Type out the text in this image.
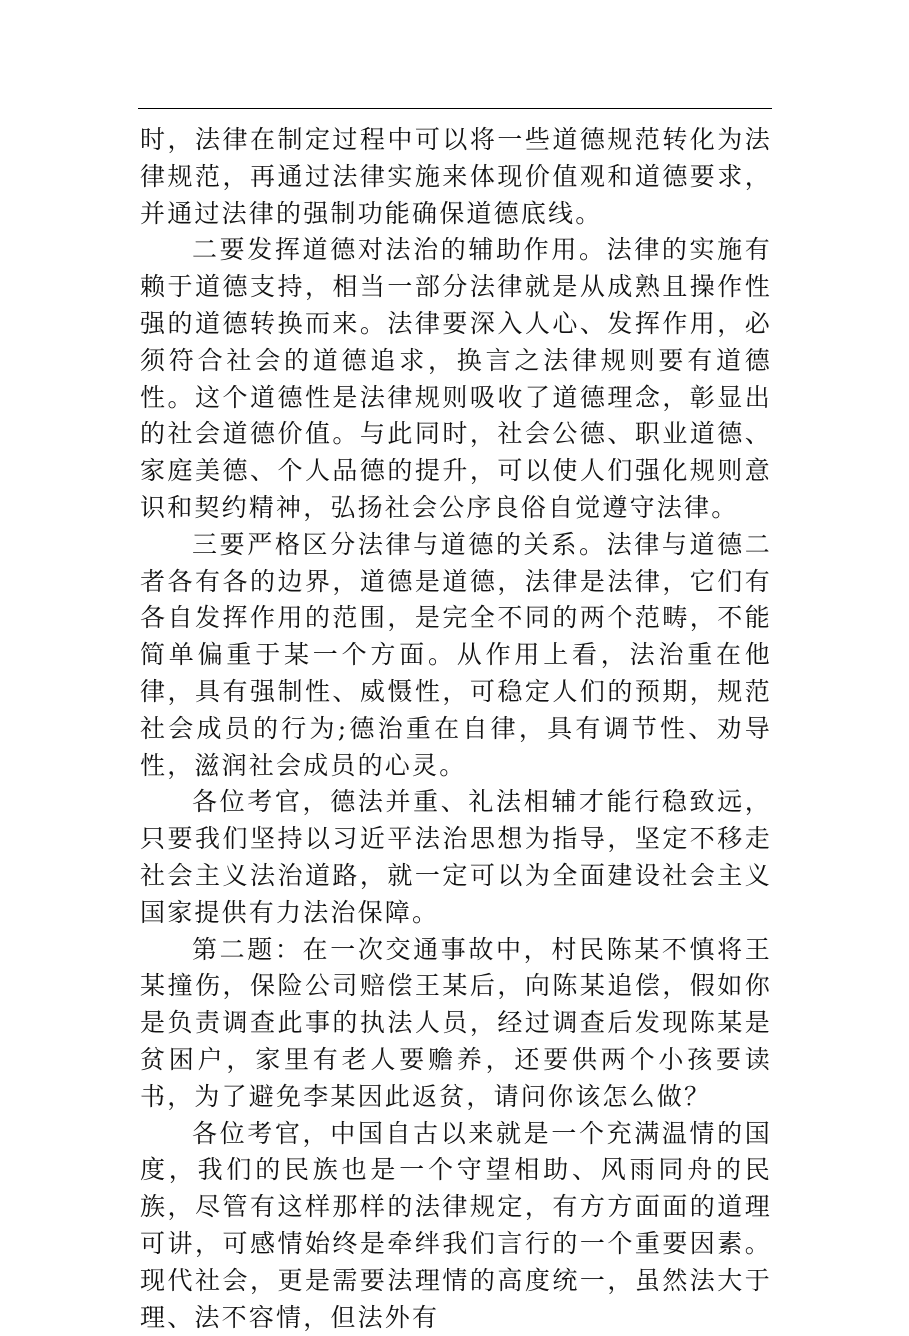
时，法律在制定过程中可以将一些道德规范转化为法律规范，再通过法律实施来体现价值观和道德要求，并通过法律的强制功能确保道德底线。

二要发挥道德对法治的辅助作用。法律的实施有赖于道德支持，相当一部分法律就是从成熟且操作性强的道德转换而来。法律要深入人心、发挥作用，必须符合社会的道德追求，换言之法律规则要有道德性。这个道德性是法律规则吸收了道德理念，彰显出的社会道德价值。与此同时，社会公德、职业道德、家庭美德、个人品德的提升，可以使人们强化规则意识和契约精神，弘扬社会公序良俗自觉遵守法律。

三要严格区分法律与道德的关系。法律与道德二者各有各的边界，道德是道德，法律是法律，它们有各自发挥作用的范围，是完全不同的两个范畴，不能简单偏重于某一个方面。从作用上看，法治重在他律，具有强制性、威慑性，可稳定人们的预期，规范社会成员的行为;德治重在自律，具有调节性、劝导性，滋润社会成员的心灵。

各位考官，德法并重、礼法相辅才能行稳致远，只要我们坚持以习近平法治思想为指导，坚定不移走社会主义法治道路，就一定可以为全面建设社会主义国家提供有力法治保障。

第二题：在一次交通事故中，村民陈某不慎将王某撞伤，保险公司赔偿王某后，向陈某追偿，假如你是负责调查此事的执法人员，经过调查后发现陈某是贫困户，家里有老人要赡养，还要供两个小孩要读书，为了避免李某因此返贫，请问你该怎么做？

各位考官，中国自古以来就是一个充满温情的国度，我们的民族也是一个守望相助、风雨同舟的民族，尽管有这样那样的法律规定，有方方面面的道理可讲，可感情始终是牵绊我们言行的一个重要因素。现代社会，更是需要法理情的高度统一，虽然法大于理、法不容情，但法外有
